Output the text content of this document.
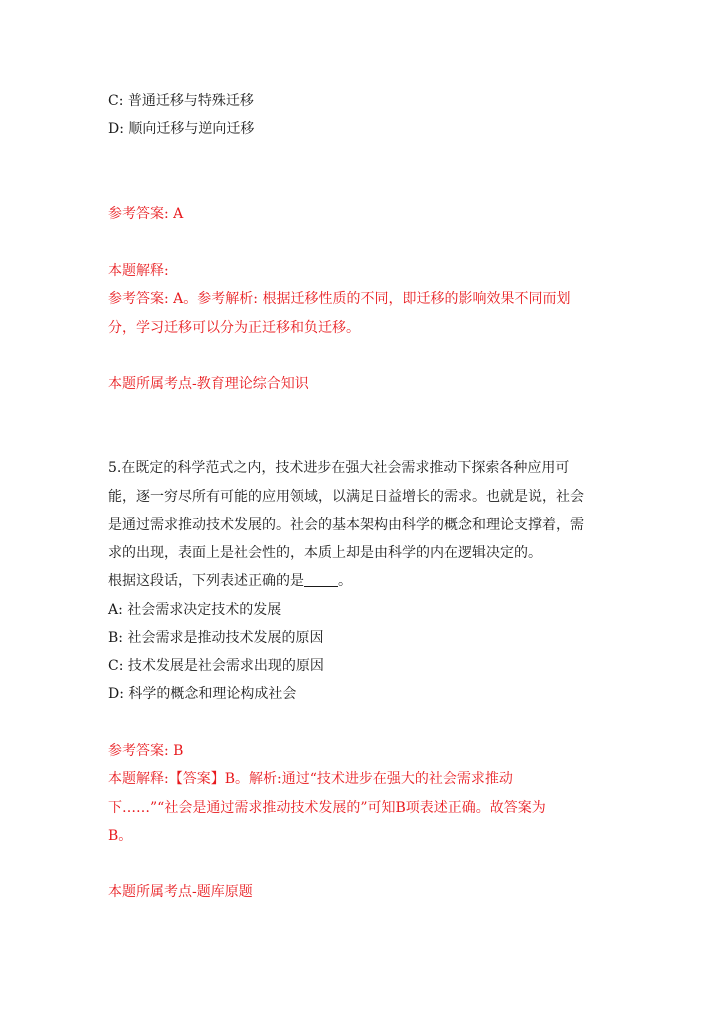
C: 普通迁移与特殊迁移
D: 顺向迁移与逆向迁移
参考答案: A
本题解释:
参考答案: A。参考解析: 根据迁移性质的不同，即迁移的影响效果不同而划
分，学习迁移可以分为正迁移和负迁移。
本题所属考点-教育理论综合知识
5.在既定的科学范式之内，技术进步在强大社会需求推动下探索各种应用可
能，逐一穷尽所有可能的应用领域，以满足日益增长的需求。也就是说，社会
是通过需求推动技术发展的。社会的基本架构由科学的概念和理论支撑着，需
求的出现，表面上是社会性的，本质上却是由科学的内在逻辑决定的。
根据这段话，下列表述正确的是 。
A: 社会需求决定技术的发展
B: 社会需求是推动技术发展的原因
C: 技术发展是社会需求出现的原因
D: 科学的概念和理论构成社会
参考答案: B
本题解释:【答案】B。解析:通过“技术进步在强大的社会需求推动
下……”“社会是通过需求推动技术发展的”可知B项表述正确。故答案为
B。
本题所属考点-题库原题
